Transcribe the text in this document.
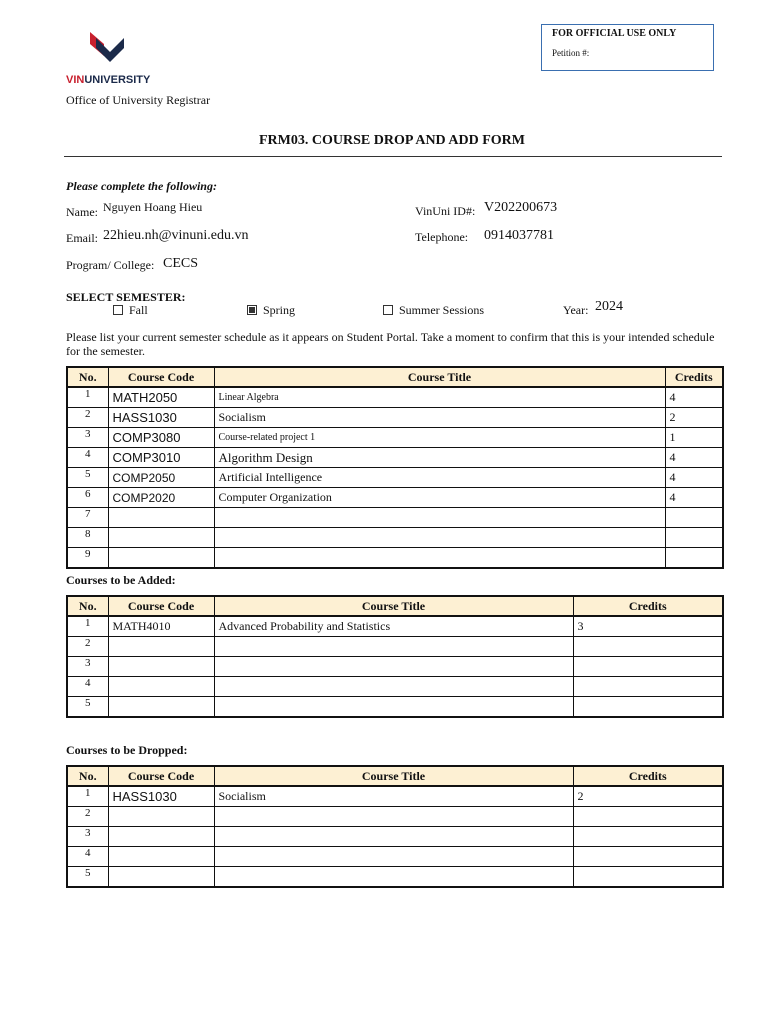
VINUNIVERSITY
Office of University Registrar
FOR OFFICIAL USE ONLY
Petition #:
FRM03. COURSE DROP AND ADD FORM
Please complete the following:
Name: Nguyen Hoang Hieu	VinUni ID#: V202200673
Email: 22hieu.nh@vinuni.edu.vn	Telephone: 0914037781
Program/ College: CECS
SELECT SEMESTER:
Fall	Spring	Summer Sessions	Year: 2024
Please list your current semester schedule as it appears on Student Portal. Take a moment to confirm that this is your intended schedule for the semester.
No.	Course Code	Course Title	Credits
1	MATH2050	Linear Algebra	4
2	HASS1030	Socialism	2
3	COMP3080	Course-related project 1	1
4	COMP3010	Algorithm Design	4
5	COMP2050	Artificial Intelligence	4
6	COMP2020	Computer Organization	4
7			
8			
9			
Courses to be Added:
No.	Course Code	Course Title	Credits
1	MATH4010	Advanced Probability and Statistics	3
2			
3			
4			
5			
Courses to be Dropped:
No.	Course Code	Course Title	Credits
1	HASS1030	Socialism	2
2			
3			
4			
5			
